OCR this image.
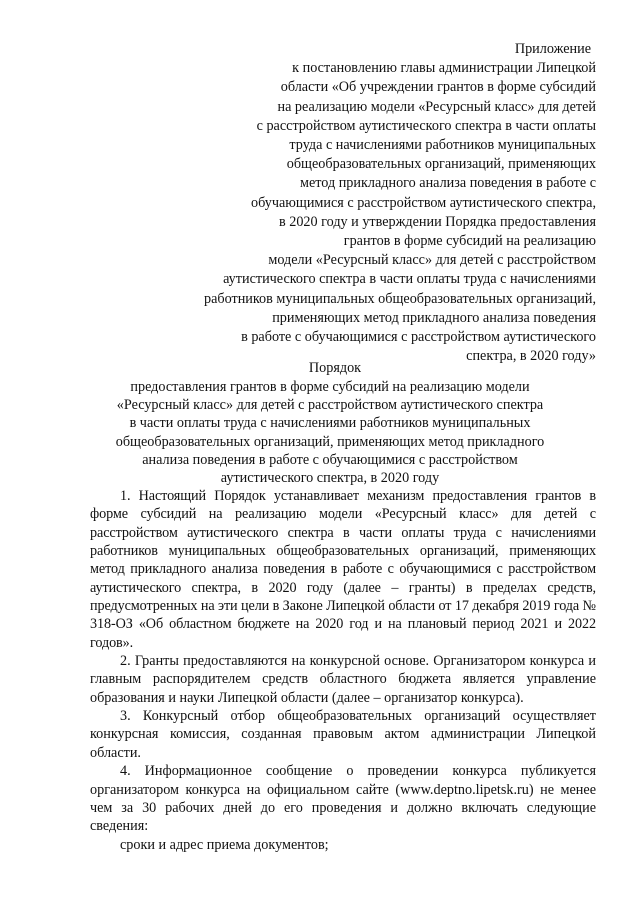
Приложение
к постановлению главы администрации Липецкой
области «Об учреждении грантов в форме субсидий
на реализацию модели «Ресурсный класс» для детей
с расстройством аутистического спектра в части оплаты
труда с начислениями работников муниципальных
общеобразовательных организаций, применяющих
метод прикладного анализа поведения в работе с
обучающимися с расстройством аутистического спектра,
в 2020 году и утверждении Порядка предоставления
грантов в форме субсидий на реализацию
модели «Ресурсный класс» для детей с расстройством
аутистического спектра в части оплаты труда с начислениями
работников муниципальных общеобразовательных организаций,
применяющих метод прикладного анализа поведения
в работе с обучающимися с расстройством аутистического
спектра, в 2020 году»
Порядок
предоставления грантов в форме субсидий на реализацию модели
«Ресурсный класс» для детей с расстройством аутистического спектра
в части оплаты труда с начислениями работников муниципальных
общеобразовательных организаций, применяющих метод прикладного
анализа поведения в работе с обучающимися с расстройством
аутистического спектра, в 2020 году

1. Настоящий Порядок устанавливает механизм предоставления грантов в форме субсидий на реализацию модели «Ресурсный класс» для детей с расстройством аутистического спектра в части оплаты труда с начислениями работников муниципальных общеобразовательных организаций, применяющих метод прикладного анализа поведения в работе с обучающимися с расстройством аутистического спектра, в 2020 году (далее – гранты) в пределах средств, предусмотренных на эти цели в Законе Липецкой области от 17 декабря 2019 года № 318-ОЗ «Об областном бюджете на 2020 год и на плановый период 2021 и 2022 годов».

2. Гранты предоставляются на конкурсной основе. Организатором конкурса и главным распорядителем средств областного бюджета является управление образования и науки Липецкой области (далее – организатор конкурса).

3. Конкурсный отбор общеобразовательных организаций осуществляет конкурсная комиссия, созданная правовым актом администрации Липецкой области.

4. Информационное сообщение о проведении конкурса публикуется организатором конкурса на официальном сайте (www.deptno.lipetsk.ru) не менее чем за 30 рабочих дней до его проведения и должно включать следующие сведения:

сроки и адрес приема документов;
